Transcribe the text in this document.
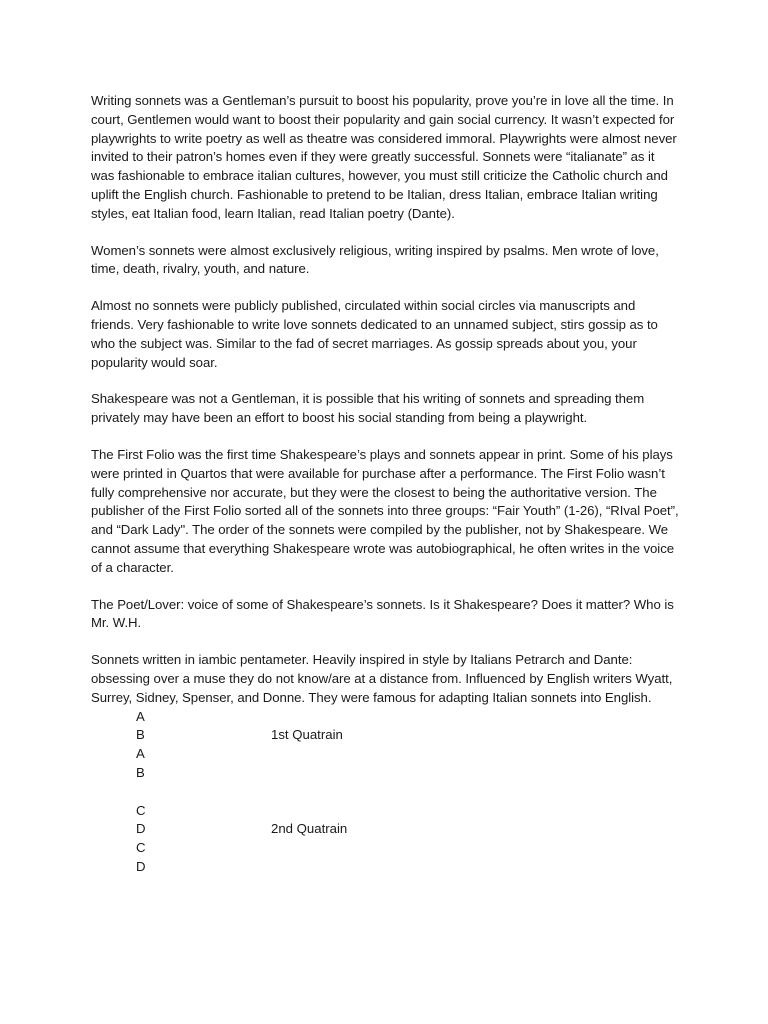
Writing sonnets was a Gentleman’s pursuit to boost his popularity, prove you’re in love all the time. In court, Gentlemen would want to boost their popularity and gain social currency. It wasn’t expected for playwrights to write poetry as well as theatre was considered immoral. Playwrights were almost never invited to their patron’s homes even if they were greatly successful. Sonnets were “italianate” as it was fashionable to embrace italian cultures, however, you must still criticize the Catholic church and uplift the English church. Fashionable to pretend to be Italian, dress Italian, embrace Italian writing styles, eat Italian food, learn Italian, read Italian poetry (Dante).

Women’s sonnets were almost exclusively religious, writing inspired by psalms. Men wrote of love, time, death, rivalry, youth, and nature.

Almost no sonnets were publicly published, circulated within social circles via manuscripts and friends. Very fashionable to write love sonnets dedicated to an unnamed subject, stirs gossip as to who the subject was. Similar to the fad of secret marriages. As gossip spreads about you, your popularity would soar.

Shakespeare was not a Gentleman, it is possible that his writing of sonnets and spreading them privately may have been an effort to boost his social standing from being a playwright.

The First Folio was the first time Shakespeare’s plays and sonnets appear in print. Some of his plays were printed in Quartos that were available for purchase after a performance. The First Folio wasn’t fully comprehensive nor accurate, but they were the closest to being the authoritative version. The publisher of the First Folio sorted all of the sonnets into three groups: “Fair Youth” (1-26), “RIval Poet”, and “Dark Lady". The order of the sonnets were compiled by the publisher, not by Shakespeare. We cannot assume that everything Shakespeare wrote was autobiographical, he often writes in the voice of a character.

The Poet/Lover: voice of some of Shakespeare’s sonnets. Is it Shakespeare? Does it matter? Who is Mr. W.H.

Sonnets written in iambic pentameter. Heavily inspired in style by Italians Petrarch and Dante: obsessing over a muse they do not know/are at a distance from. Influenced by English writers Wyatt, Surrey, Sidney, Spenser, and Donne. They were famous for adapting Italian sonnets into English.

A
B	1st Quatrain
A
B
C
D	2nd Quatrain
C
D
